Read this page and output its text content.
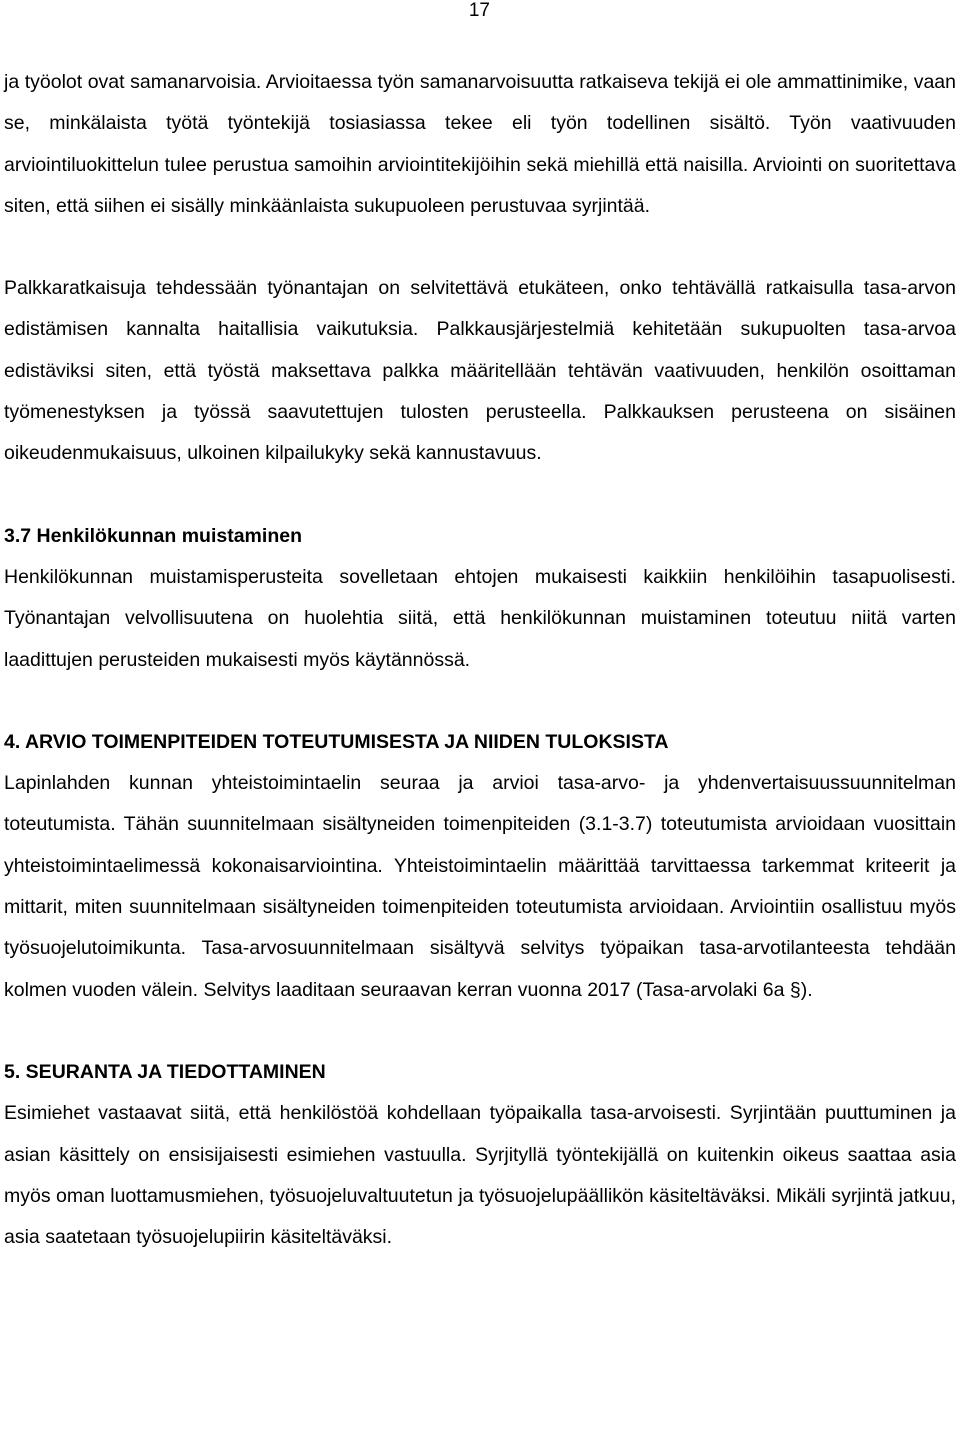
17

ja työolot ovat samanarvoisia. Arvioitaessa työn samanarvoisuutta ratkaiseva tekijä ei ole ammattinimike, vaan se, minkälaista työtä työntekijä tosiasiassa tekee eli työn todellinen sisältö. Työn vaativuuden arviointiluokittelun tulee perustua samoihin arviointitekijöihin sekä miehillä että naisilla. Arviointi on suoritettava siten, että siihen ei sisälly minkäänlaista sukupuoleen perustuvaa syrjintää.

Palkkaratkaisuja tehdessään työnantajan on selvitettävä etukäteen, onko tehtävällä ratkaisulla tasa-arvon edistämisen kannalta haitallisia vaikutuksia. Palkkausjärjestelmiä kehitetään sukupuolten tasa-arvoa edistäviksi siten, että työstä maksettava palkka määritellään tehtävän vaativuuden, henkilön osoittaman työmenestyksen ja työssä saavutettujen tulosten perusteella. Palkkauksen perusteena on sisäinen oikeudenmukaisuus, ulkoinen kilpailukyky sekä kannustavuus.

3.7 Henkilökunnan muistaminen

Henkilökunnan muistamisperusteita sovelletaan ehtojen mukaisesti kaikkiin henkilöihin tasapuolisesti. Työnantajan velvollisuutena on huolehtia siitä, että henkilökunnan muistaminen toteutuu niitä varten laadittujen perusteiden mukaisesti myös käytännössä.

4. ARVIO TOIMENPITEIDEN TOTEUTUMISESTA JA NIIDEN TULOKSISTA

Lapinlahden kunnan yhteistoimintaelin seuraa ja arvioi tasa-arvo- ja yhdenvertaisuussuunnitelman toteutumista. Tähän suunnitelmaan sisältyneiden toimenpiteiden (3.1-3.7) toteutumista arvioidaan vuosittain yhteistoimintaelimessä kokonaisarviointina. Yhteistoimintaelin määrittää tarvittaessa tarkemmat kriteerit ja mittarit, miten suunnitelmaan sisältyneiden toimenpiteiden toteutumista arvioidaan. Arviointiin osallistuu myös työsuojelutoimikunta. Tasa-arvosuunnitelmaan sisältyvä selvitys työpaikan tasa-arvotilanteesta tehdään kolmen vuoden välein. Selvitys laaditaan seuraavan kerran vuonna 2017 (Tasa-arvolaki 6a §).

5. SEURANTA JA TIEDOTTAMINEN

Esimiehet vastaavat siitä, että henkilöstöä kohdellaan työpaikalla tasa-arvoisesti. Syrjintään puuttuminen ja asian käsittely on ensisijaisesti esimiehen vastuulla. Syrjityllä työntekijällä on kuitenkin oikeus saattaa asia myös oman luottamusmiehen, työsuojeluvaltuutetun ja työsuojelupäällikön käsiteltäväksi. Mikäli syrjintä jatkuu, asia saatetaan työsuojelupiirin käsiteltäväksi.
